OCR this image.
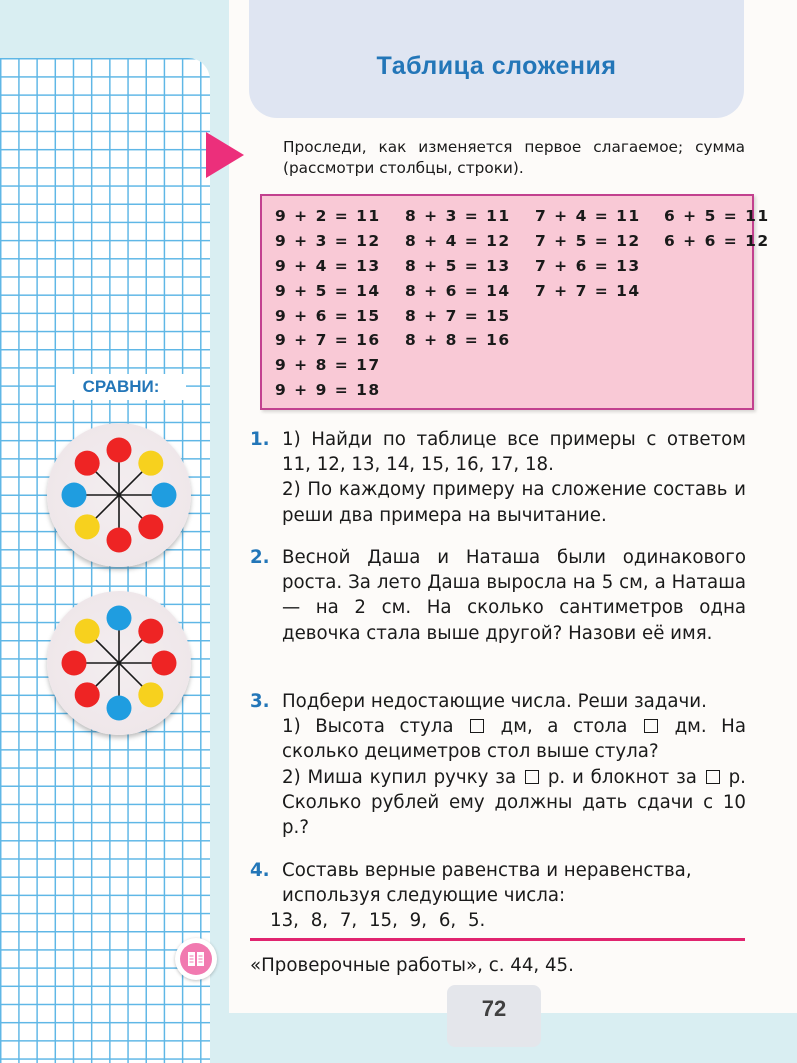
СРАВНИ:
Таблица сложения
Проследи, как изменяется первое слагаемое; сумма (рассмотри столбцы, строки).
9 + 2 = 11
9 + 3 = 12
9 + 4 = 13
9 + 5 = 14
9 + 6 = 15
9 + 7 = 16
9 + 8 = 17
9 + 9 = 18
8 + 3 = 11
8 + 4 = 12
8 + 5 = 13
8 + 6 = 14
8 + 7 = 15
8 + 8 = 16
7 + 4 = 11
7 + 5 = 12
7 + 6 = 13
7 + 7 = 14
6 + 5 = 11
6 + 6 = 12
1. 1) Найди по таблице все примеры с ответом 11, 12, 13, 14, 15, 16, 17, 18.

2) По каждому примеру на сложение составь и реши два примера на вычитание.

2. Весной Даша и Наташа были одинакового роста. За лето Даша выросла на 5 см, а Наташа — на 2 см. На сколько сантиметров одна девочка стала выше другой? Назови её имя.

3. Подбери недостающие числа. Реши задачи.

1) Высота стула	дм, а стола	дм. На сколько дециметров стол выше стула?

2) Миша купил ручку за р. и блокнот за р. Сколько рублей ему должны дать сдачи с 10 р.?

4. Составь верные равенства и неравенства, используя следующие числа:

13, 8, 7, 15, 9, 6, 5.

«Проверочные работы», с. 44, 45.
72
